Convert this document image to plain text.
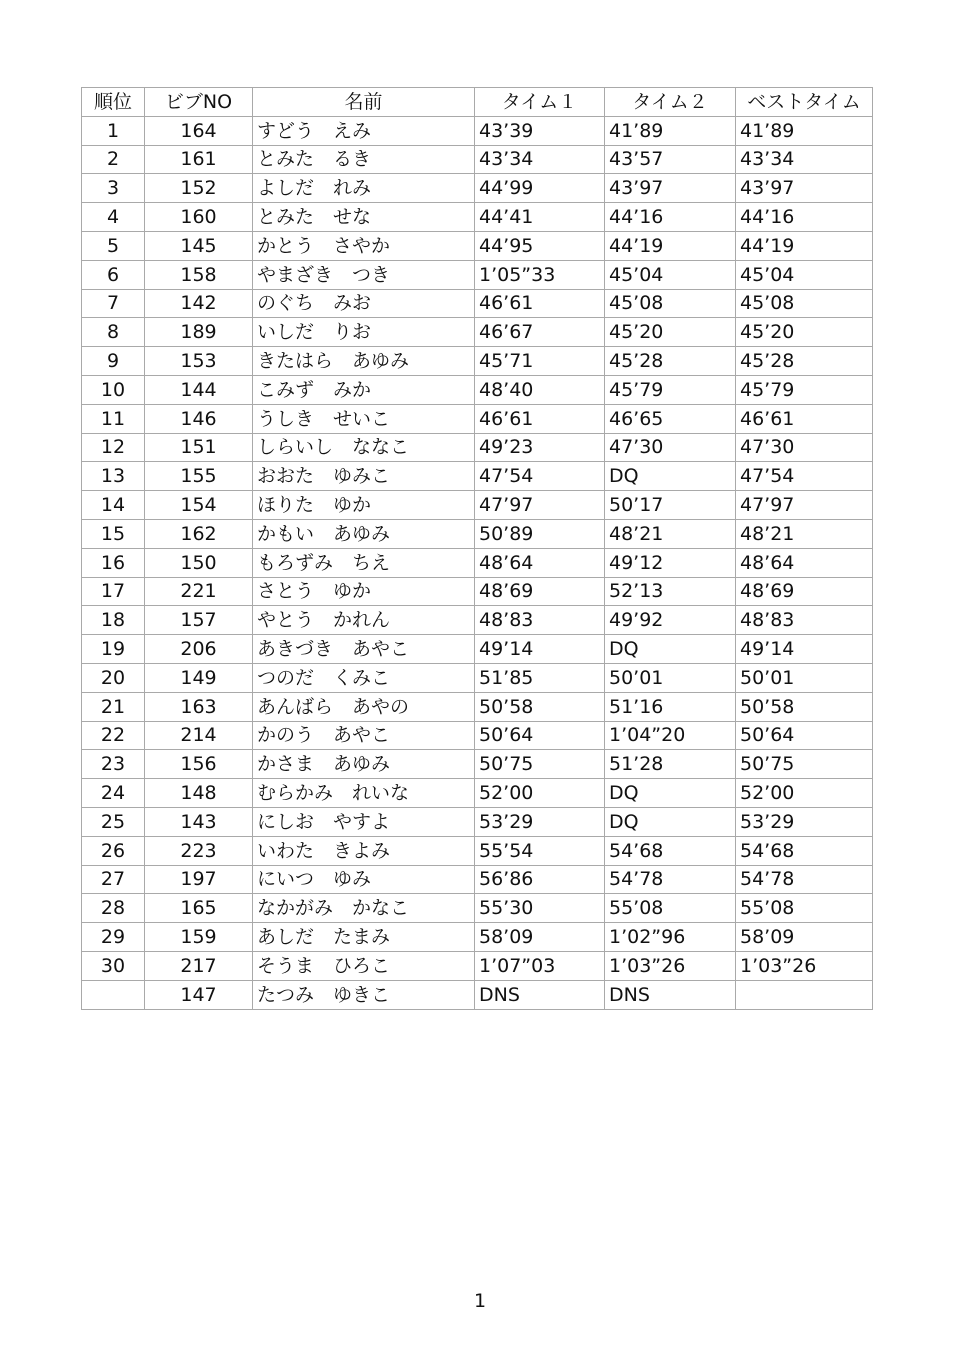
順位	ビブNO	名前	タイム１	タイム２	ベストタイム
1	164	すどう　えみ	43’39	41’89	41’89
2	161	とみた　るき	43’34	43’57	43’34
3	152	よしだ　れみ	44’99	43’97	43’97
4	160	とみた　せな	44’41	44’16	44’16
5	145	かとう　さやか	44’95	44’19	44’19
6	158	やまざき　つき	1’05”33	45’04	45’04
7	142	のぐち　みお	46’61	45’08	45’08
8	189	いしだ　りお	46’67	45’20	45’20
9	153	きたはら　あゆみ	45’71	45’28	45’28
10	144	こみず　みか	48’40	45’79	45’79
11	146	うしき　せいこ	46’61	46’65	46’61
12	151	しらいし　ななこ	49’23	47’30	47’30
13	155	おおた　ゆみこ	47’54	DQ	47’54
14	154	ほりた　ゆか	47’97	50’17	47’97
15	162	かもい　あゆみ	50’89	48’21	48’21
16	150	もろずみ　ちえ	48’64	49’12	48’64
17	221	さとう　ゆか	48’69	52’13	48’69
18	157	やとう　かれん	48’83	49’92	48’83
19	206	あきづき　あやこ	49’14	DQ	49’14
20	149	つのだ　くみこ	51’85	50’01	50’01
21	163	あんばら　あやの	50’58	51’16	50’58
22	214	かのう　あやこ	50’64	1’04”20	50’64
23	156	かさま　あゆみ	50’75	51’28	50’75
24	148	むらかみ　れいな	52’00	DQ	52’00
25	143	にしお　やすよ	53’29	DQ	53’29
26	223	いわた　きよみ	55’54	54’68	54’68
27	197	にいつ　ゆみ	56’86	54’78	54’78
28	165	なかがみ　かなこ	55’30	55’08	55’08
29	159	あしだ　たまみ	58’09	1’02”96	58’09
30	217	そうま　ひろこ	1’07”03	1’03”26	1’03”26
	147	たつみ　ゆきこ	DNS	DNS	
1
